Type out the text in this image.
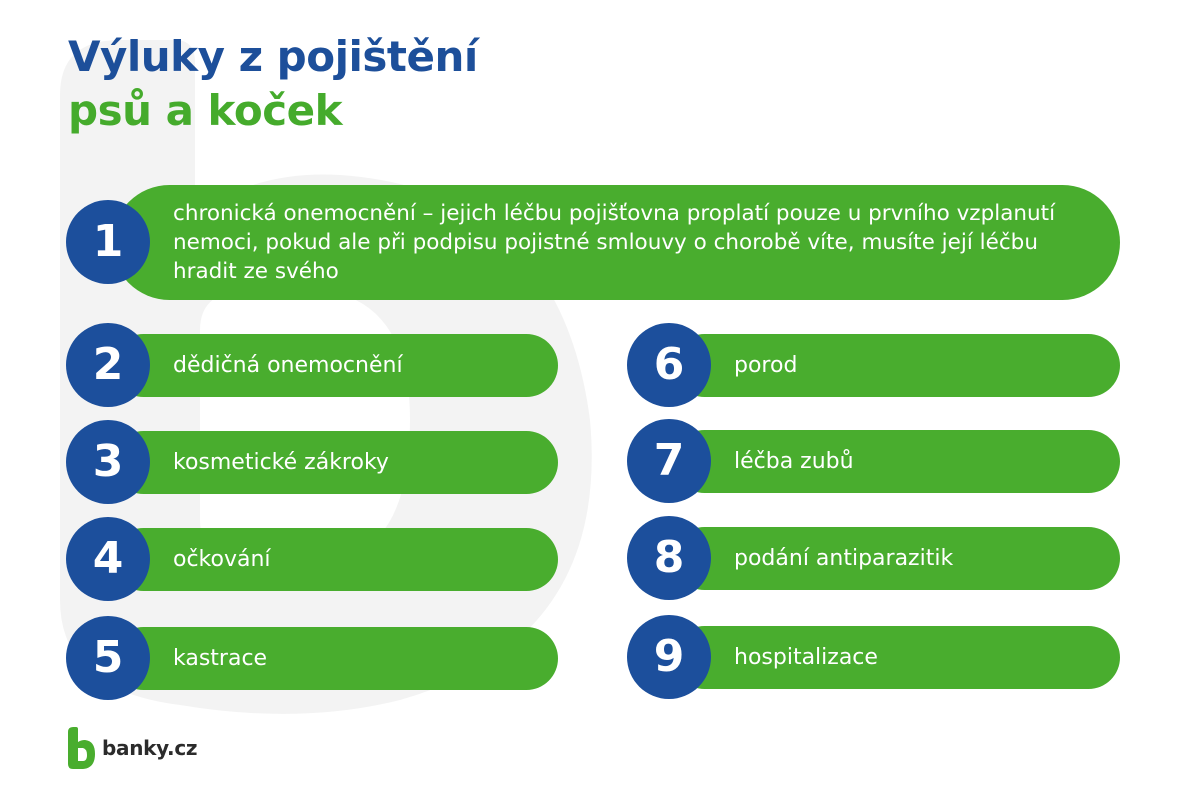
Výluky z pojištění
psů a koček
chronická onemocnění – jejich léčbu pojišťovna proplatí pouze u prvního vzplanutí nemoci, pokud ale při podpisu pojistné smlouvy o chorobě víte, musíte její léčbu hradit ze svého
1
dědičná onemocnění
2
kosmetické zákroky
3
očkování
4
kastrace
5
porod
6
léčba zubů
7
podání antiparazitik
8
hospitalizace
9
banky.cz
